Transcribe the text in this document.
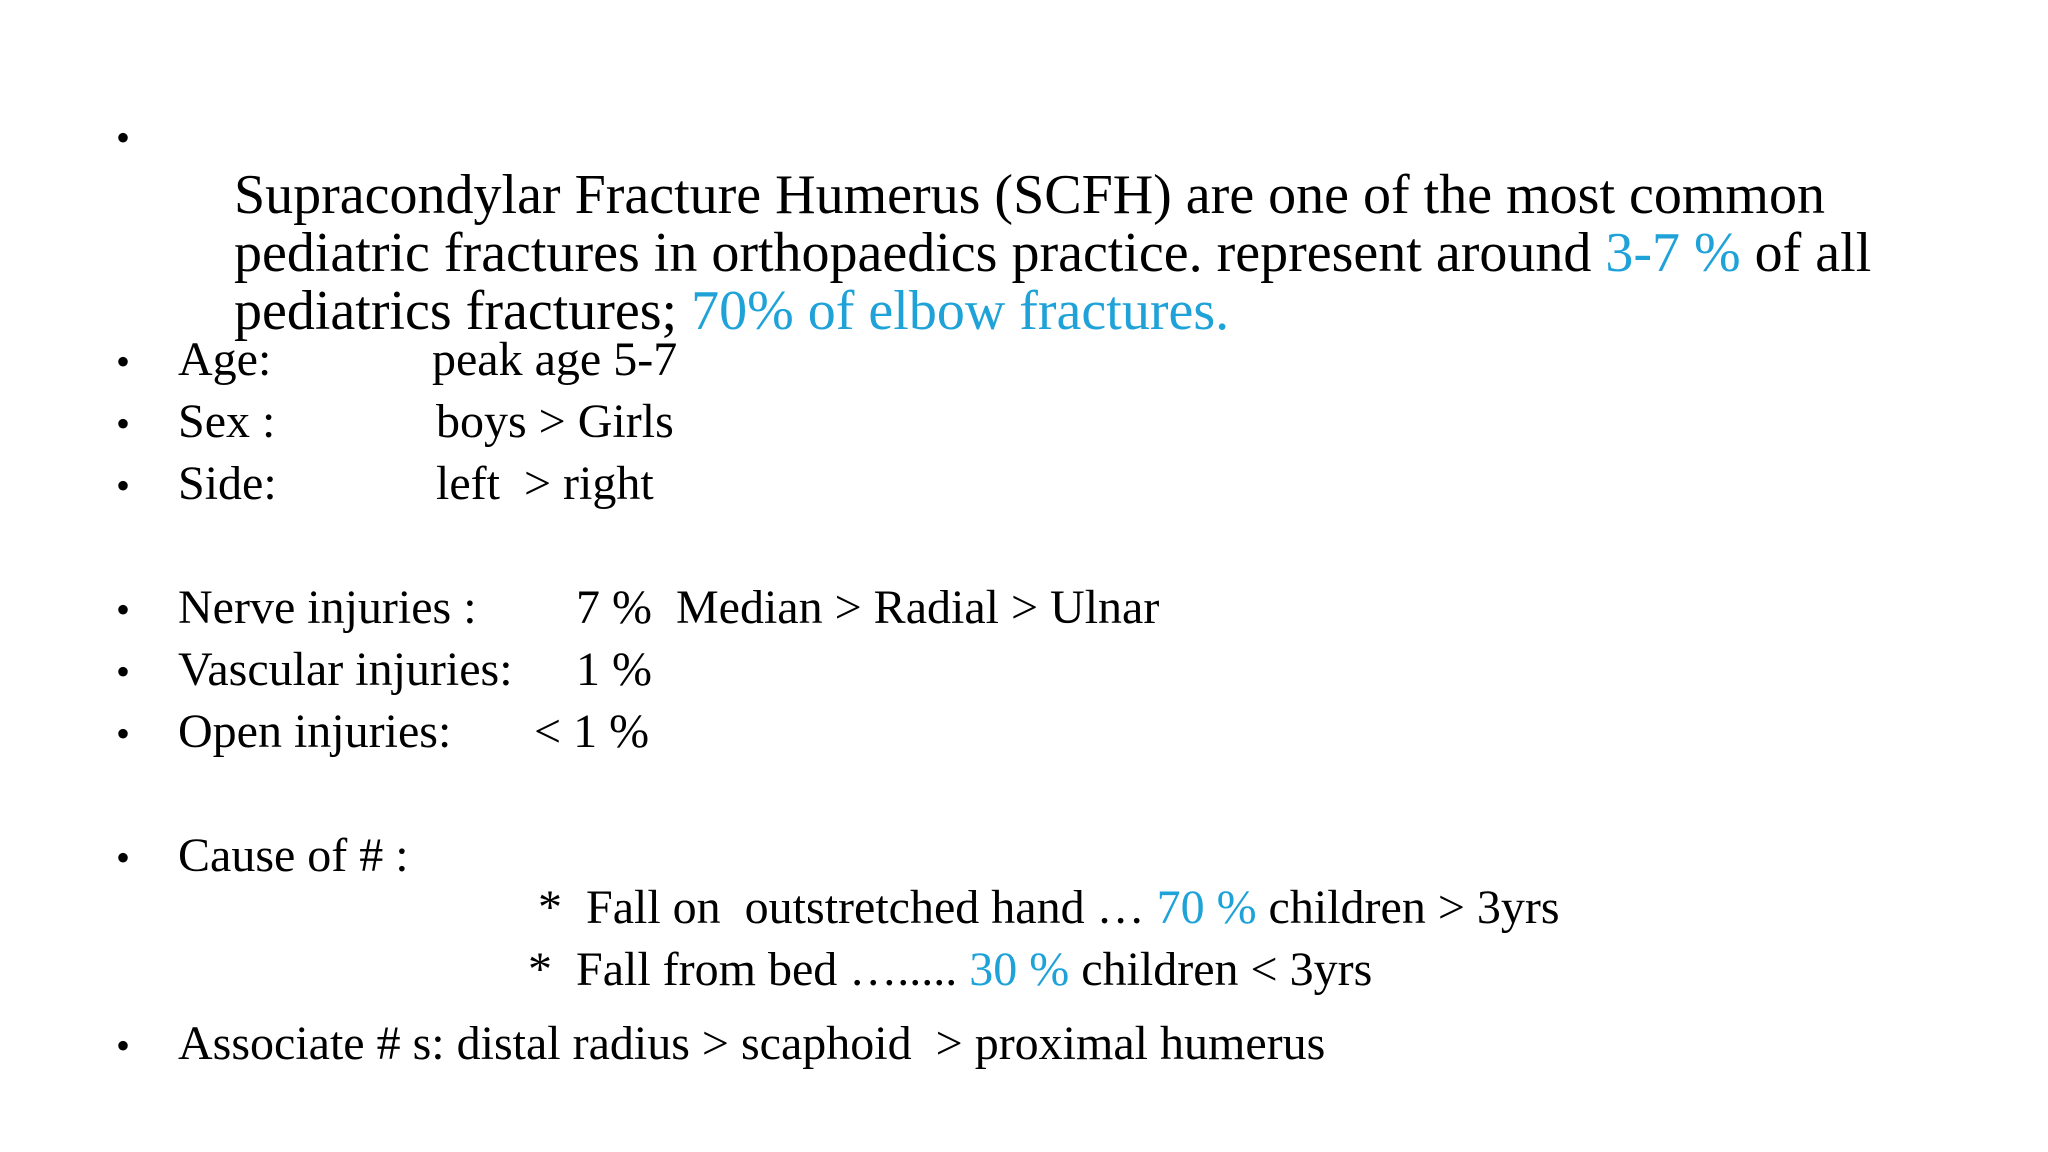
•

Supracondylar Fracture Humerus (SCFH) are one of the most common

pediatric fractures in orthopaedics practice. represent around 3-7 % of all

pediatrics fractures; 70% of elbow fractures.

• Age:	peak age 5-7
• Sex :	boys > Girls
• Side:	left  > right
• Nerve injuries : 7 %  Median > Radial > Ulnar
• Vascular injuries: 1 %
• Open injuries: < 1 %
• Cause of # :

*  Fall on  outstretched hand … 70 % children > 3yrs

*  Fall from bed …..... 30 % children < 3yrs

• Associate # s: distal radius > scaphoid  > proximal humerus
